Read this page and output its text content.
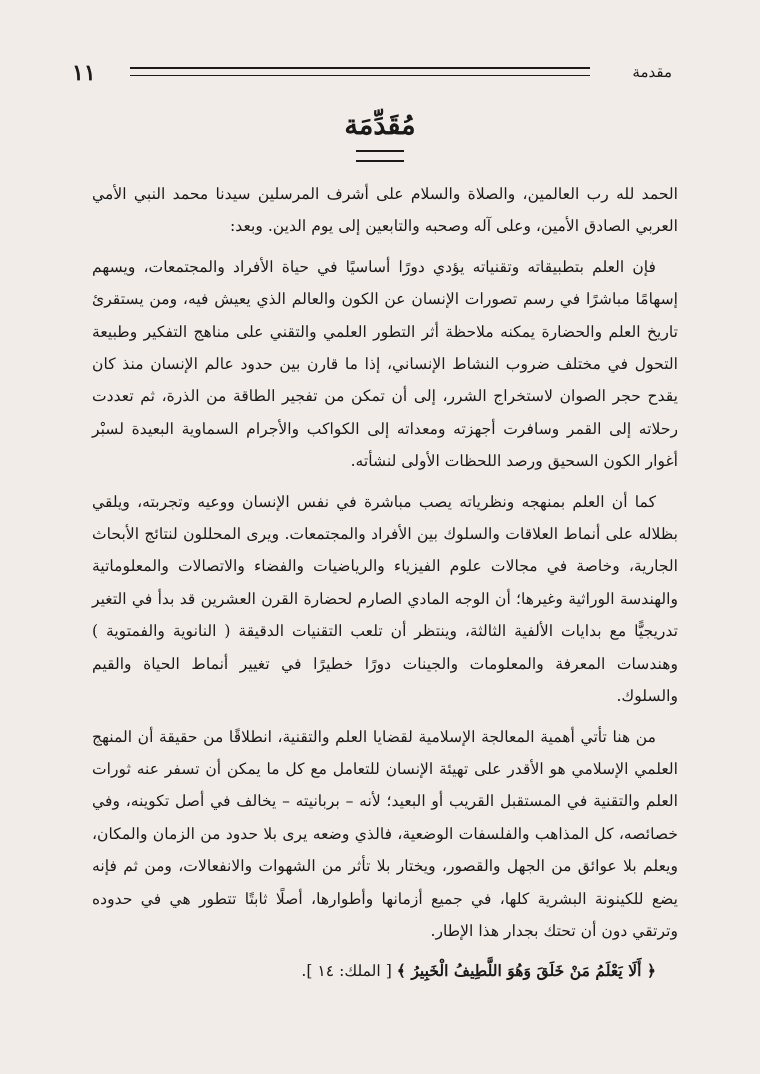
١١	مقدمة
مُقَدِّمَة

الحمد لله رب العالمين، والصلاة والسلام على أشرف المرسلين سيدنا محمد النبي الأمي العربي الصادق الأمين، وعلى آله وصحبه والتابعين إلى يوم الدين. وبعد:

فإن العلم بتطبيقاته وتقنياته يؤدي دورًا أساسيًا في حياة الأفراد والمجتمعات، ويسهم إسهامًا مباشرًا في رسم تصورات الإنسان عن الكون والعالم الذي يعيش فيه، ومن يستقرئ تاريخ العلم والحضارة يمكنه ملاحظة أثر التطور العلمي والتقني على مناهج التفكير وطبيعة التحول في مختلف ضروب النشاط الإنساني، إذا ما قارن بين حدود عالم الإنسان منذ كان يقدح حجر الصوان لاستخراج الشرر، إلى أن تمكن من تفجير الطاقة من الذرة، ثم تعددت رحلاته إلى القمر وسافرت أجهزته ومعداته إلى الكواكب والأجرام السماوية البعيدة لسبْر أغوار الكون السحيق ورصد اللحظات الأولى لنشأته.

كما أن العلم بمنهجه ونظرياته يصب مباشرة في نفس الإنسان ووعيه وتجربته، ويلقي بظلاله على أنماط العلاقات والسلوك بين الأفراد والمجتمعات. ويرى المحللون لنتائج الأبحاث الجارية، وخاصة في مجالات علوم الفيزياء والرياضيات والفضاء والاتصالات والمعلوماتية والهندسة الوراثية وغيرها؛ أن الوجه المادي الصارم لحضارة القرن العشرين قد بدأ في التغير تدريجيًّا مع بدايات الألفية الثالثة، وينتظر أن تلعب التقنيات الدقيقة ( النانوية والفمتوية ) وهندسات المعرفة والمعلومات والجينات دورًا خطيرًا في تغيير أنماط الحياة والقيم والسلوك.

من هنا تأتي أهمية المعالجة الإسلامية لقضايا العلم والتقنية، انطلاقًا من حقيقة أن المنهج العلمي الإسلامي هو الأقدر على تهيئة الإنسان للتعامل مع كل ما يمكن أن تسفر عنه ثورات العلم والتقنية في المستقبل القريب أو البعيد؛ لأنه – بربانيته – يخالف في أصل تكوينه، وفي خصائصه، كل المذاهب والفلسفات الوضعية، فالذي وضعه يرى بلا حدود من الزمان والمكان، ويعلم بلا عوائق من الجهل والقصور، ويختار بلا تأثر من الشهوات والانفعالات، ومن ثم فإنه يضع للكينونة البشرية كلها، في جميع أزمانها وأطوارها، أصلًا ثابتًا تتطور هي في حدوده وترتقي دون أن تحتك بجدار هذا الإطار.

﴿ أَلَا يَعْلَمُ مَنْ خَلَقَ وَهُوَ اللَّطِيفُ الْخَبِيرُ ﴾ [ الملك: ١٤ ].
